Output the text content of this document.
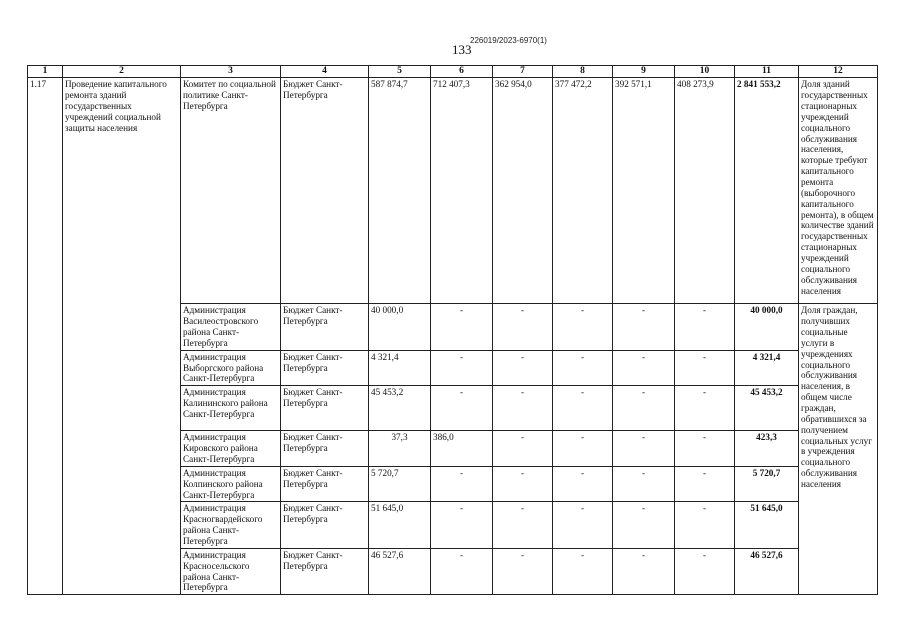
226019/2023-6970(1)
133
1	2	3	4	5	6	7	8	9	10	11	12
1.17	Проведение капитального ремонта зданий государственных учреждений социальной защиты населения	Комитет по социальной политике Санкт-Петербурга	Бюджет Санкт-Петербурга	587 874,7	712 407,3	362 954,0	377 472,2	392 571,1	408 273,9	2 841 553,2	Доля зданий государственных стационарных учреждений социального обслуживания населения, которые требуют капитального ремонта (выборочного капитального ремонта), в общем количестве зданий государственных стационарных учреждений социального обслуживания населения
		Администрация Василеостровского района Санкт-Петербурга	Бюджет Санкт-Петербурга	40 000,0	-	-	-	-	-	40 000,0	Доля граждан, получивших социальные услуги в учреждениях социального обслуживания населения, в общем числе граждан, обратившихся за получением социальных услуг в учреждения социального обслуживания населения
		Администрация Выборгского района Санкт-Петербурга	Бюджет Санкт-Петербурга	4 321,4	-	-	-	-	-	4 321,4	
		Администрация Калининского района Санкт-Петербурга	Бюджет Санкт-Петербурга	45 453,2	-	-	-	-	-	45 453,2	
		Администрация Кировского района Санкт-Петербурга	Бюджет Санкт-Петербурга	37,3	386,0	-	-	-	-	423,3	
		Администрация Колпинского района Санкт-Петербурга	Бюджет Санкт-Петербурга	5 720,7	-	-	-	-	-	5 720,7	
		Администрация Красногвардейского района Санкт-Петербурга	Бюджет Санкт-Петербурга	51 645,0	-	-	-	-	-	51 645,0	
		Администрация Красносельского района Санкт-Петербурга	Бюджет Санкт-Петербурга	46 527,6	-	-	-	-	-	46 527,6	
